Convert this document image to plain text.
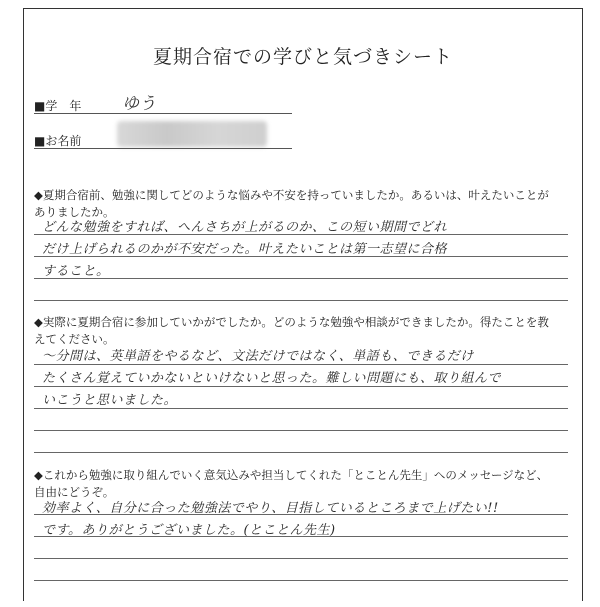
夏期合宿での学びと気づきシート
■学　年 ゆう
■お名前
◆夏期合宿前、勉強に関してどのような悩みや不安を持っていましたか。あるいは、叶えたいことがありましたか。
どんな勉強をすれば、へんさちが上がるのか、この短い期間でどれ
だけ上げられるのかが不安だった。叶えたいことは第一志望に合格
すること。
◆実際に夏期合宿に参加していかがでしたか。どのような勉強や相談ができましたか。得たことを教えてください。
〜分間は、英単語をやるなど、文法だけではなく、単語も、できるだけ
たくさん覚えていかないといけないと思った。難しい問題にも、取り組んで
いこうと思いました。
◆これから勉強に取り組んでいく意気込みや担当してくれた「とことん先生」へのメッセージなど、自由にどうぞ。
効率よく、自分に合った勉強法でやり、目指しているところまで上げたい!!
です。ありがとうございました。(とことん先生)
